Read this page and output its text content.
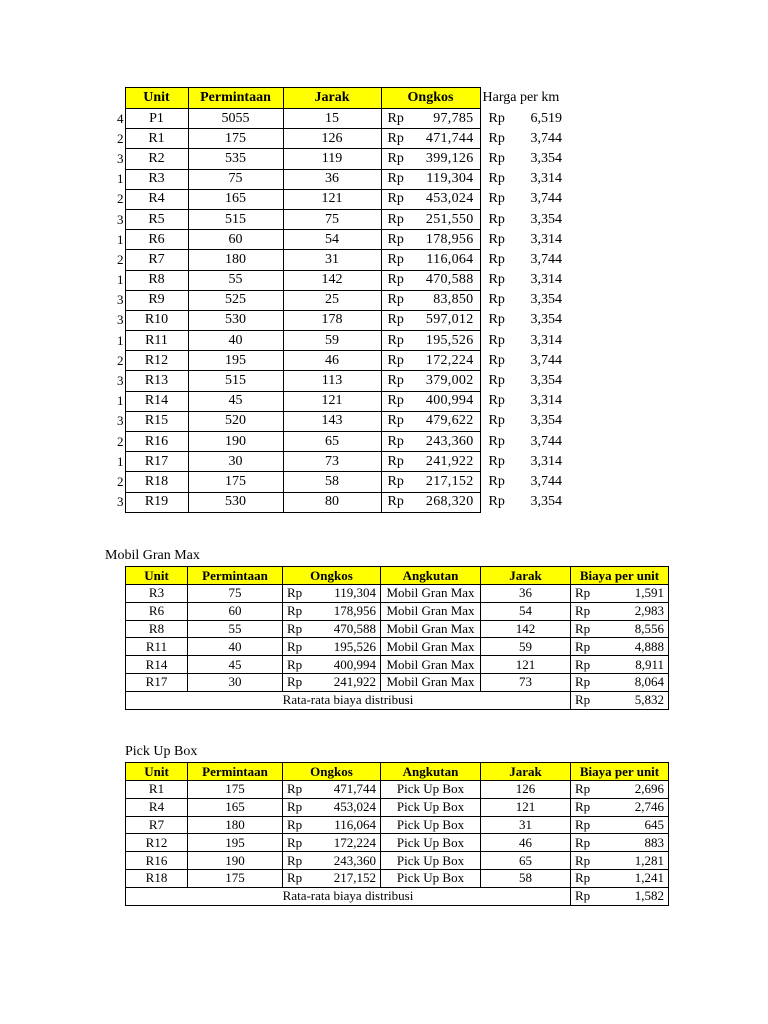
	Unit	Permintaan	Jarak	Ongkos		Harga per km	
4	P1	5055	15	Rp	97,785	Rp	6,519
2	R1	175	126	Rp	471,744	Rp	3,744
3	R2	535	119	Rp	399,126	Rp	3,354
1	R3	75	36	Rp	119,304	Rp	3,314
2	R4	165	121	Rp	453,024	Rp	3,744
3	R5	515	75	Rp	251,550	Rp	3,354
1	R6	60	54	Rp	178,956	Rp	3,314
2	R7	180	31	Rp	116,064	Rp	3,744
1	R8	55	142	Rp	470,588	Rp	3,314
3	R9	525	25	Rp	83,850	Rp	3,354
3	R10	530	178	Rp	597,012	Rp	3,354
1	R11	40	59	Rp	195,526	Rp	3,314
2	R12	195	46	Rp	172,224	Rp	3,744
3	R13	515	113	Rp	379,002	Rp	3,354
1	R14	45	121	Rp	400,994	Rp	3,314
3	R15	520	143	Rp	479,622	Rp	3,354
2	R16	190	65	Rp	243,360	Rp	3,744
1	R17	30	73	Rp	241,922	Rp	3,314
2	R18	175	58	Rp	217,152	Rp	3,744
3	R19	530	80	Rp	268,320	Rp	3,354
Mobil Gran Max
Unit	Permintaan	Ongkos		Angkutan	Jarak	Biaya per unit	
R3	75	Rp	119,304	Mobil Gran Max	36	Rp	1,591
R6	60	Rp	178,956	Mobil Gran Max	54	Rp	2,983
R8	55	Rp	470,588	Mobil Gran Max	142	Rp	8,556
R11	40	Rp	195,526	Mobil Gran Max	59	Rp	4,888
R14	45	Rp	400,994	Mobil Gran Max	121	Rp	8,911
R17	30	Rp	241,922	Mobil Gran Max	73	Rp	8,064
Rata-rata biaya distribusi						Rp	5,832
Pick Up Box
Unit	Permintaan	Ongkos		Angkutan	Jarak	Biaya per unit	
R1	175	Rp	471,744	Pick Up Box	126	Rp	2,696
R4	165	Rp	453,024	Pick Up Box	121	Rp	2,746
R7	180	Rp	116,064	Pick Up Box	31	Rp	645
R12	195	Rp	172,224	Pick Up Box	46	Rp	883
R16	190	Rp	243,360	Pick Up Box	65	Rp	1,281
R18	175	Rp	217,152	Pick Up Box	58	Rp	1,241
Rata-rata biaya distribusi						Rp	1,582
